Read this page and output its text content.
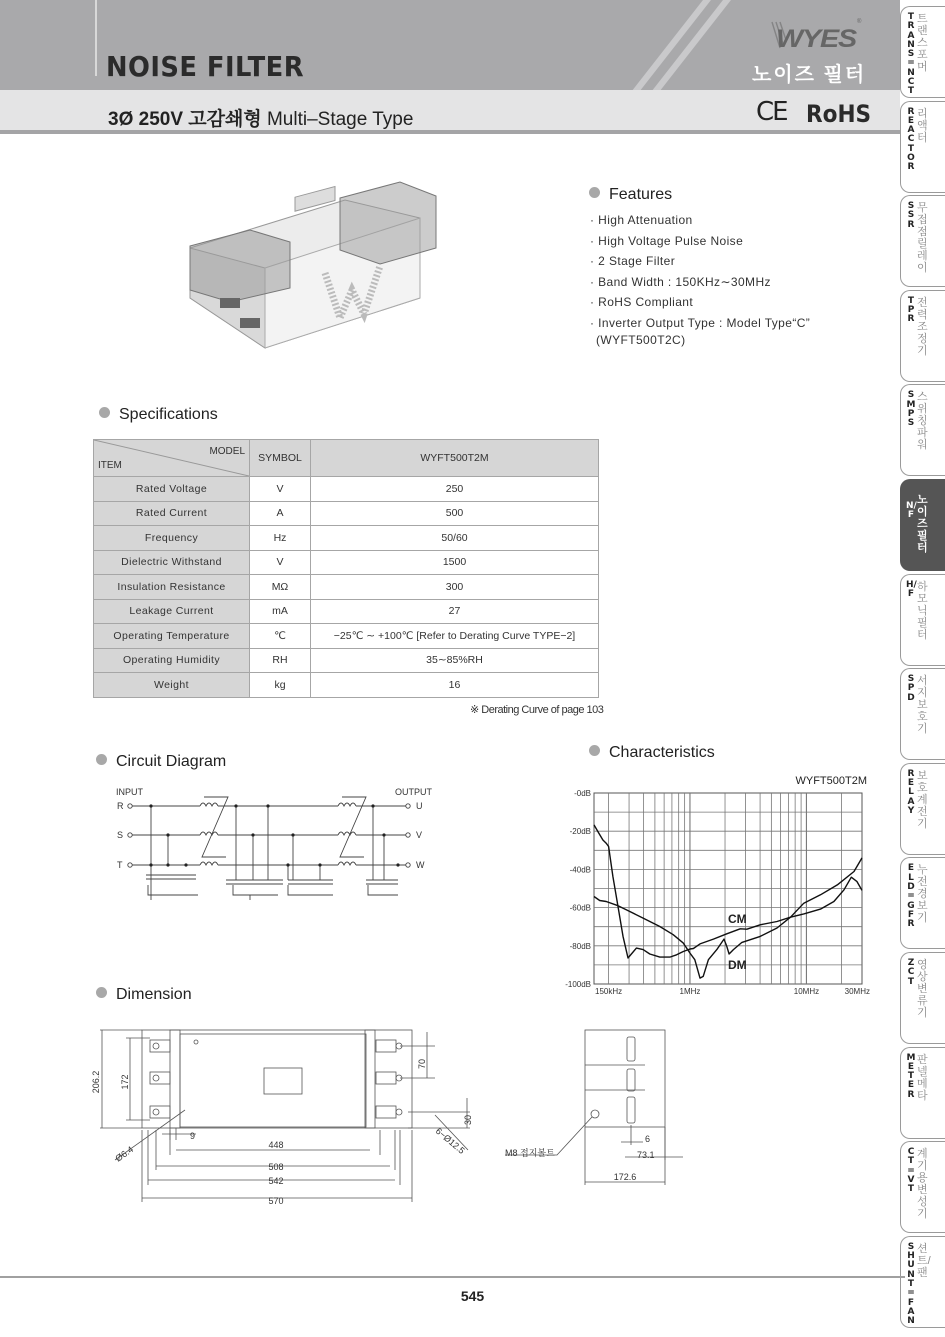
NOISE FILTER
WYES
®
노이즈 필터
3Ø 250V 고감쇄형 Multi–Stage Type	CE RoHS
TRANS=NCT
트랜스포머
REACTOR
리액터
SSR
무접점릴레이
TPR
전력조정기
SMPS
스위칭파워
N/F
노이즈필터
H/F
하모닉필터
SPD
서지보호기
RELAY
보호계전기
ELD=GFR
누전경보기
ZCT
영상변류기
METER
판넬메타
CT=VT
계기용변성기
SHUNT=FAN
션트/팬
Features
· High Attenuation
· High Voltage Pulse Noise
· 2 Stage Filter
· Band Width : 150KHz∼30MHz
· RoHS Compliant
· Inverter Output Type : Model Type“C”
(WYFT500T2C)
Specifications
MODEL
ITEM	SYMBOL	WYFT500T2M
Rated Voltage	V	250
Rated Current	A	500
Frequency	Hz	50/60
Dielectric Withstand	V	1500
Insulation Resistance	MΩ	300
Leakage Current	mA	27
Operating Temperature	℃	−25℃ ∼ +100℃ [Refer to Derating Curve TYPE−2]
Operating Humidity	RH	35∼85%RH
Weight	kg	16
※ Derating Curve of page 103
Circuit Diagram
INPUT	OUTPUT
R
S
T
U
V
W
Characteristics
WYFT500T2M
-0dB
-20dB
-40dB
-60dB
-80dB
-100dB
150kHz	1MHz	10MHz	30MHz
CM
DM
Dimension
206.2 172
70
30
9
448
508
542
570
Ø6.4	6−Ø12.5	6
73.1
172.6
M8 접지볼트
545
